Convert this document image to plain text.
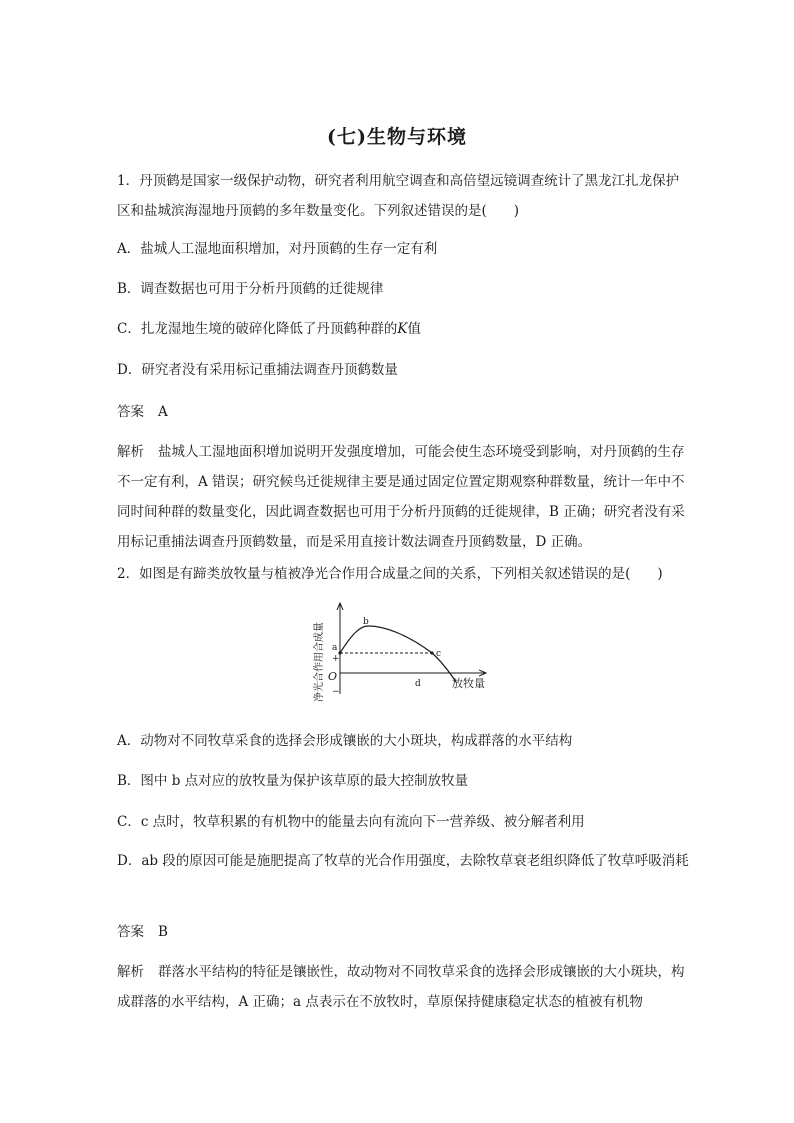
(七)生物与环境
1．丹顶鹤是国家一级保护动物，研究者利用航空调查和高倍望远镜调查统计了黑龙江扎龙保护区和盐城滨海湿地丹顶鹤的多年数量变化。下列叙述错误的是(　　)
A．盐城人工湿地面积增加，对丹顶鹤的生存一定有利
B．调查数据也可用于分析丹顶鹤的迁徙规律
C．扎龙湿地生境的破碎化降低了丹顶鹤种群的K值
D．研究者没有采用标记重捕法调查丹顶鹤数量
答案 A
解析 盐城人工湿地面积增加说明开发强度增加，可能会使生态环境受到影响，对丹顶鹤的生存不一定有利，A 错误；研究候鸟迁徙规律主要是通过固定位置定期观察种群数量，统计一年中不同时间种群的数量变化，因此调查数据也可用于分析丹顶鹤的迁徙规律，B 正确；研究者没有采用标记重捕法调查丹顶鹤数量，而是采用直接计数法调查丹顶鹤数量，D 正确。
2．如图是有蹄类放牧量与植被净光合作用合成量之间的关系，下列相关叙述错误的是(　　)
a
b
c
d
+
−
O
放牧量
净光合作用合成量
A．动物对不同牧草采食的选择会形成镶嵌的大小斑块，构成群落的水平结构
B．图中 b 点对应的放牧量为保护该草原的最大控制放牧量
C．c 点时，牧草积累的有机物中的能量去向有流向下一营养级、被分解者利用
D．ab 段的原因可能是施肥提高了牧草的光合作用强度，去除牧草衰老组织降低了牧草呼吸消耗
答案 B
解析 群落水平结构的特征是镶嵌性，故动物对不同牧草采食的选择会形成镶嵌的大小斑块，构成群落的水平结构，A 正确；a 点表示在不放牧时，草原保持健康稳定状态的植被有机物
